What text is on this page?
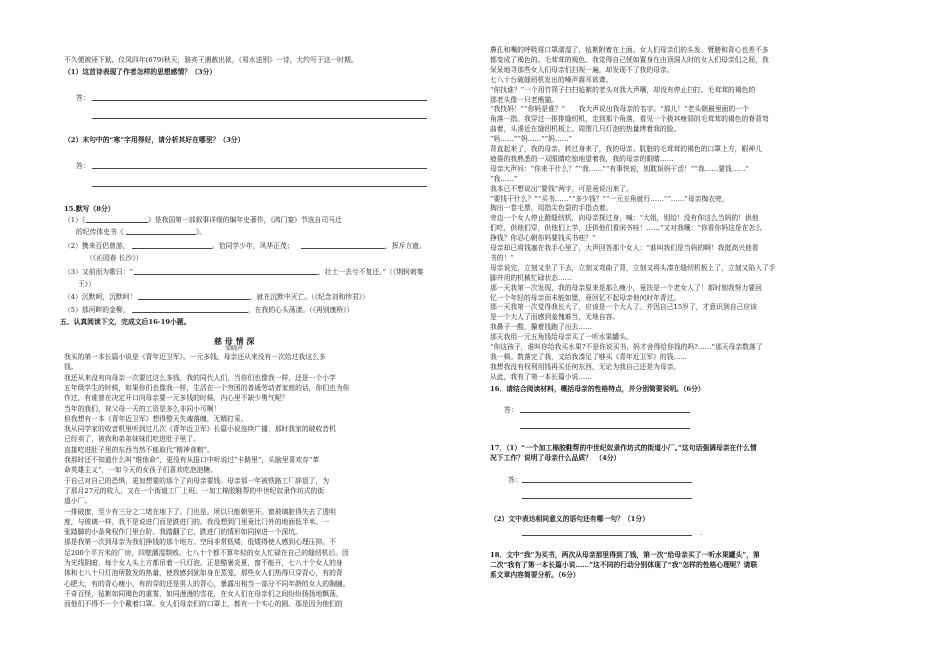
不久便被诬下狱。仪凤四年(679)秋天，骆宾王遇赦出狱，《易水送别》一诗，大约写于这一时期。
（1）这首诗表现了作者怎样的思想感情？（3分）
答：
（2）末句中的“寒”字用得好，请分析其好在哪里？（3分）
答：
15.默写（8分）
（1）《	》是我国第一部叙事详细的编年史著作，《鸿门宴》节选自司马迁
的纪传体史书《	》。
（2）携来百侣曾游，	。恰同学少年，风华正茂；	，挥斥方遒。
（《沁园春 长沙》）
（3）又前而为歌曰：“	，壮士一去兮不复还。”（《荆轲刺秦
王》）
（4）沉默呵，沉默呵！	，就在沉默中灭亡。（《纪念刘和珍君》）
（5）那河畔的金柳，	，在我的心头荡漾。（《再别康桥》）
五、认真阅读下文，完成文后16-19小题。
慈 母 情 深
梁晓声
我买的第一本长篇小说是《青年近卫军》。一元多钱。母亲还从来没有一次给过我这么多
钱。
我还从来没有向母亲一次要过这么多钱。我的同代人们，当你们也像我一样，还是一个小学
五年级学生的时候，如果你们也像我一样，生活在一个穷困的普通劳动者家庭的话，你们也为你
作过，有谁曾在决定开口向母亲要一元多钱的时候，内心里不缺少勇气呢？
当年的我们，视父母一天的工资是多么非同小可啊！
但我想有一本《青年近卫军》想得整天失魂落魄，无精打采。
我从同学家的收音机里听到过几次《青年近卫军》长篇小说连续广播，那时我家的破收音机
已经卖了，被我和弟弟妹妹们吃进肚子里了。
直接吃进肚子里的东西当然不能取代“精神食粮”。
我那时还不知道什么叫“维他命”，更没有从报口中听说过“卡路里”，头脑里喜欢存“革
命英雄主义”，一如今天的女孩子们喜欢吃泡泡糖。
于自己对自己的恐惧，更加想要的那个了向母亲要钱。母亲那一年被铁路工厂辞退了，为
了那月27元的收入，又在一个街道工厂上班。一加工棉胶鞋帮的中世纪奴隶作坊式的街
道小厂。
一排破窗，至少有三分之二堵在地下了。门也是。所以只能朝里开。窗玻璃脏得失去了透明
度，与玻璃一样，我不是说进门而是跌进门的。我没想到门里竟比门外的地面低半米。一
张踏脚的小条凳权作门里台阶。我踏翻了它，跌进门的情形如同掉进一个深坑。
那是我第一次到母亲为我们挣钱的那个地方。空间非常低矮，低矮得使人感到心理压抑。不
足200个平方米的厂房，四壁潮湿颓败。七八十个都不算年轻的女人忙碌在自己的缝纫机后。因
为光线阴暗，每个女人头上方都吊着一只灯泡。正是酷暑炎夏，窗不能开，七八十个女人的身
体和七八十只灯泡所散发的热量，使我感到犹如身在蒸笼。那些女人们热得只穿背心，有的背
心肥大，有的背心瘦小，有的穿的还是男人的背心，暴露出相当一部分不同年龄的女人的胸脯。
千奇百怪，毡絮如同褐色的重雾，如同漫漫的雪花，在女人们在母亲们之间纷纷扬扬地飘荡，
而他们不得不一个个戴着口罩。女人们母亲们的口罩上，都有一个实心的圆。那是因为他们的
鼻孔和嘴的呼吸将口罩濡湿了，毡絮附着在上面。女人们母亲们的头发、臂膀和背心也差不多
都变成了褐色的。毛茸茸的褐色。我觉得自己恍如置身在由顶洞人时的女人们母亲们之间，我
呆呆地寻那些女人们母亲们扫视一遍，却发现不了我的母亲。
七八十台破缝纫机发出的噪声震耳欲聋。
“你找谁？”一个用竹筷子扫扫毡絮的老头对我大声嚷，却没有停止扫打。毛茸茸的褐色的
那老头像一只老熊猫。
“我找妈！”“你妈是谁？”　　我大声说出我母亲的名字。“那儿！”老头朝最里面的一个
角落一指。我穿过一排排缝纫机，走到那个角落，看见一个极其瘦弱的毛茸茸的褐色的脊背弯
曲着，头湊近在缝纫机板上。周围几只灯泡的热量烤着我的脸。
“妈……”“妈……”“妈……”
背直起来了，我的母亲。转过身来了，我的母亲。肮脏的毛茸茸的褐色的口罩上方，眼神儿
疲倦的我熟悉的一双眼睛吃惊地望着我，我的母亲的眼睛……
母亲大声问：“你来干什么？”“我……”“有事快说，别耽误妈干活！”“我……要钱……”
“我……”
我本已不想说出“要钱”两字，可是竟说出来了。
“要钱干什么？”“买书……”“多少钱？”“一元五角就行……”“……”母亲掏衣兜，
掏出一卷毛票，用指尖色裂的手指点着。
旁边一个女人停止蹬缝纫机，向母亲探过身，喊：“大姐，别给！没有你这么当妈的！供他
们吃，供他们穿，供他们上学，还供他们看闲书哇！……”又对我嚷：“你看你妈这是在怎么
挣钱？你忍心朝你妈要钱买书哇？”
母亲却已将钱塞在我手心里了，大声回答那个女人：“谁叫我们是当妈的啊！我挺高兴他看
书的！”
母亲说完，立刻又坐了下去，立刻又弯曲了背，立刻又将头凑在缝纫机板上了，立刻又陷入了手
脚并用的机械忙碌状态……
那一天我第一次发现，我的母亲原来是那么瘦小，竟扶是一个老女人了！那时刻我努力要回
忆一个年轻的母亲而未能如愿，竟回忆不起母亲他何时年青过。
那一天我第一次觉得我长大了，应该是一个大人了。并因自己15岁了，才意识到自己应该
是一个大人了而感到羞愧难当，无地自容。
我鼻子一酸，攥着钱跑了出去……
那天我用一元五角钱给母亲买了一听水果罐头。
“你这孩子，谁叫你给我买水果?不是你说买书，妈才舍得给你钱的吗?……”那天母亲数落了
我一顿。数落完了我，又给我凑足了够买《青年近卫军》的钱……
我想我没有权利用钱再买任何东西，无论为我自己还是为母亲。
从此，我有了第一本长篇小说……
16．请结合阅读材料，概括母亲的性格特点，并分别简要说明。（6分）
答：
17．（1）“一个加工棉胶鞋帮的中世纪奴隶作坊式的街道小厂。”这句话强调母亲在什么情
况下工作？说明了母亲什么品质？　（4分）
答：
（2）文中表达相同意义的语句还有哪一句？（1分）
.
18．文中“我”为买书，两次从母亲那里得到了钱，第一次“给母亲买了一听水果罐头”，第
二次“我有了第一本长篇小说……”这不同的行动分别体现了“我”怎样的性格心理呢？请联
系文章内容简要分析。（6分）
